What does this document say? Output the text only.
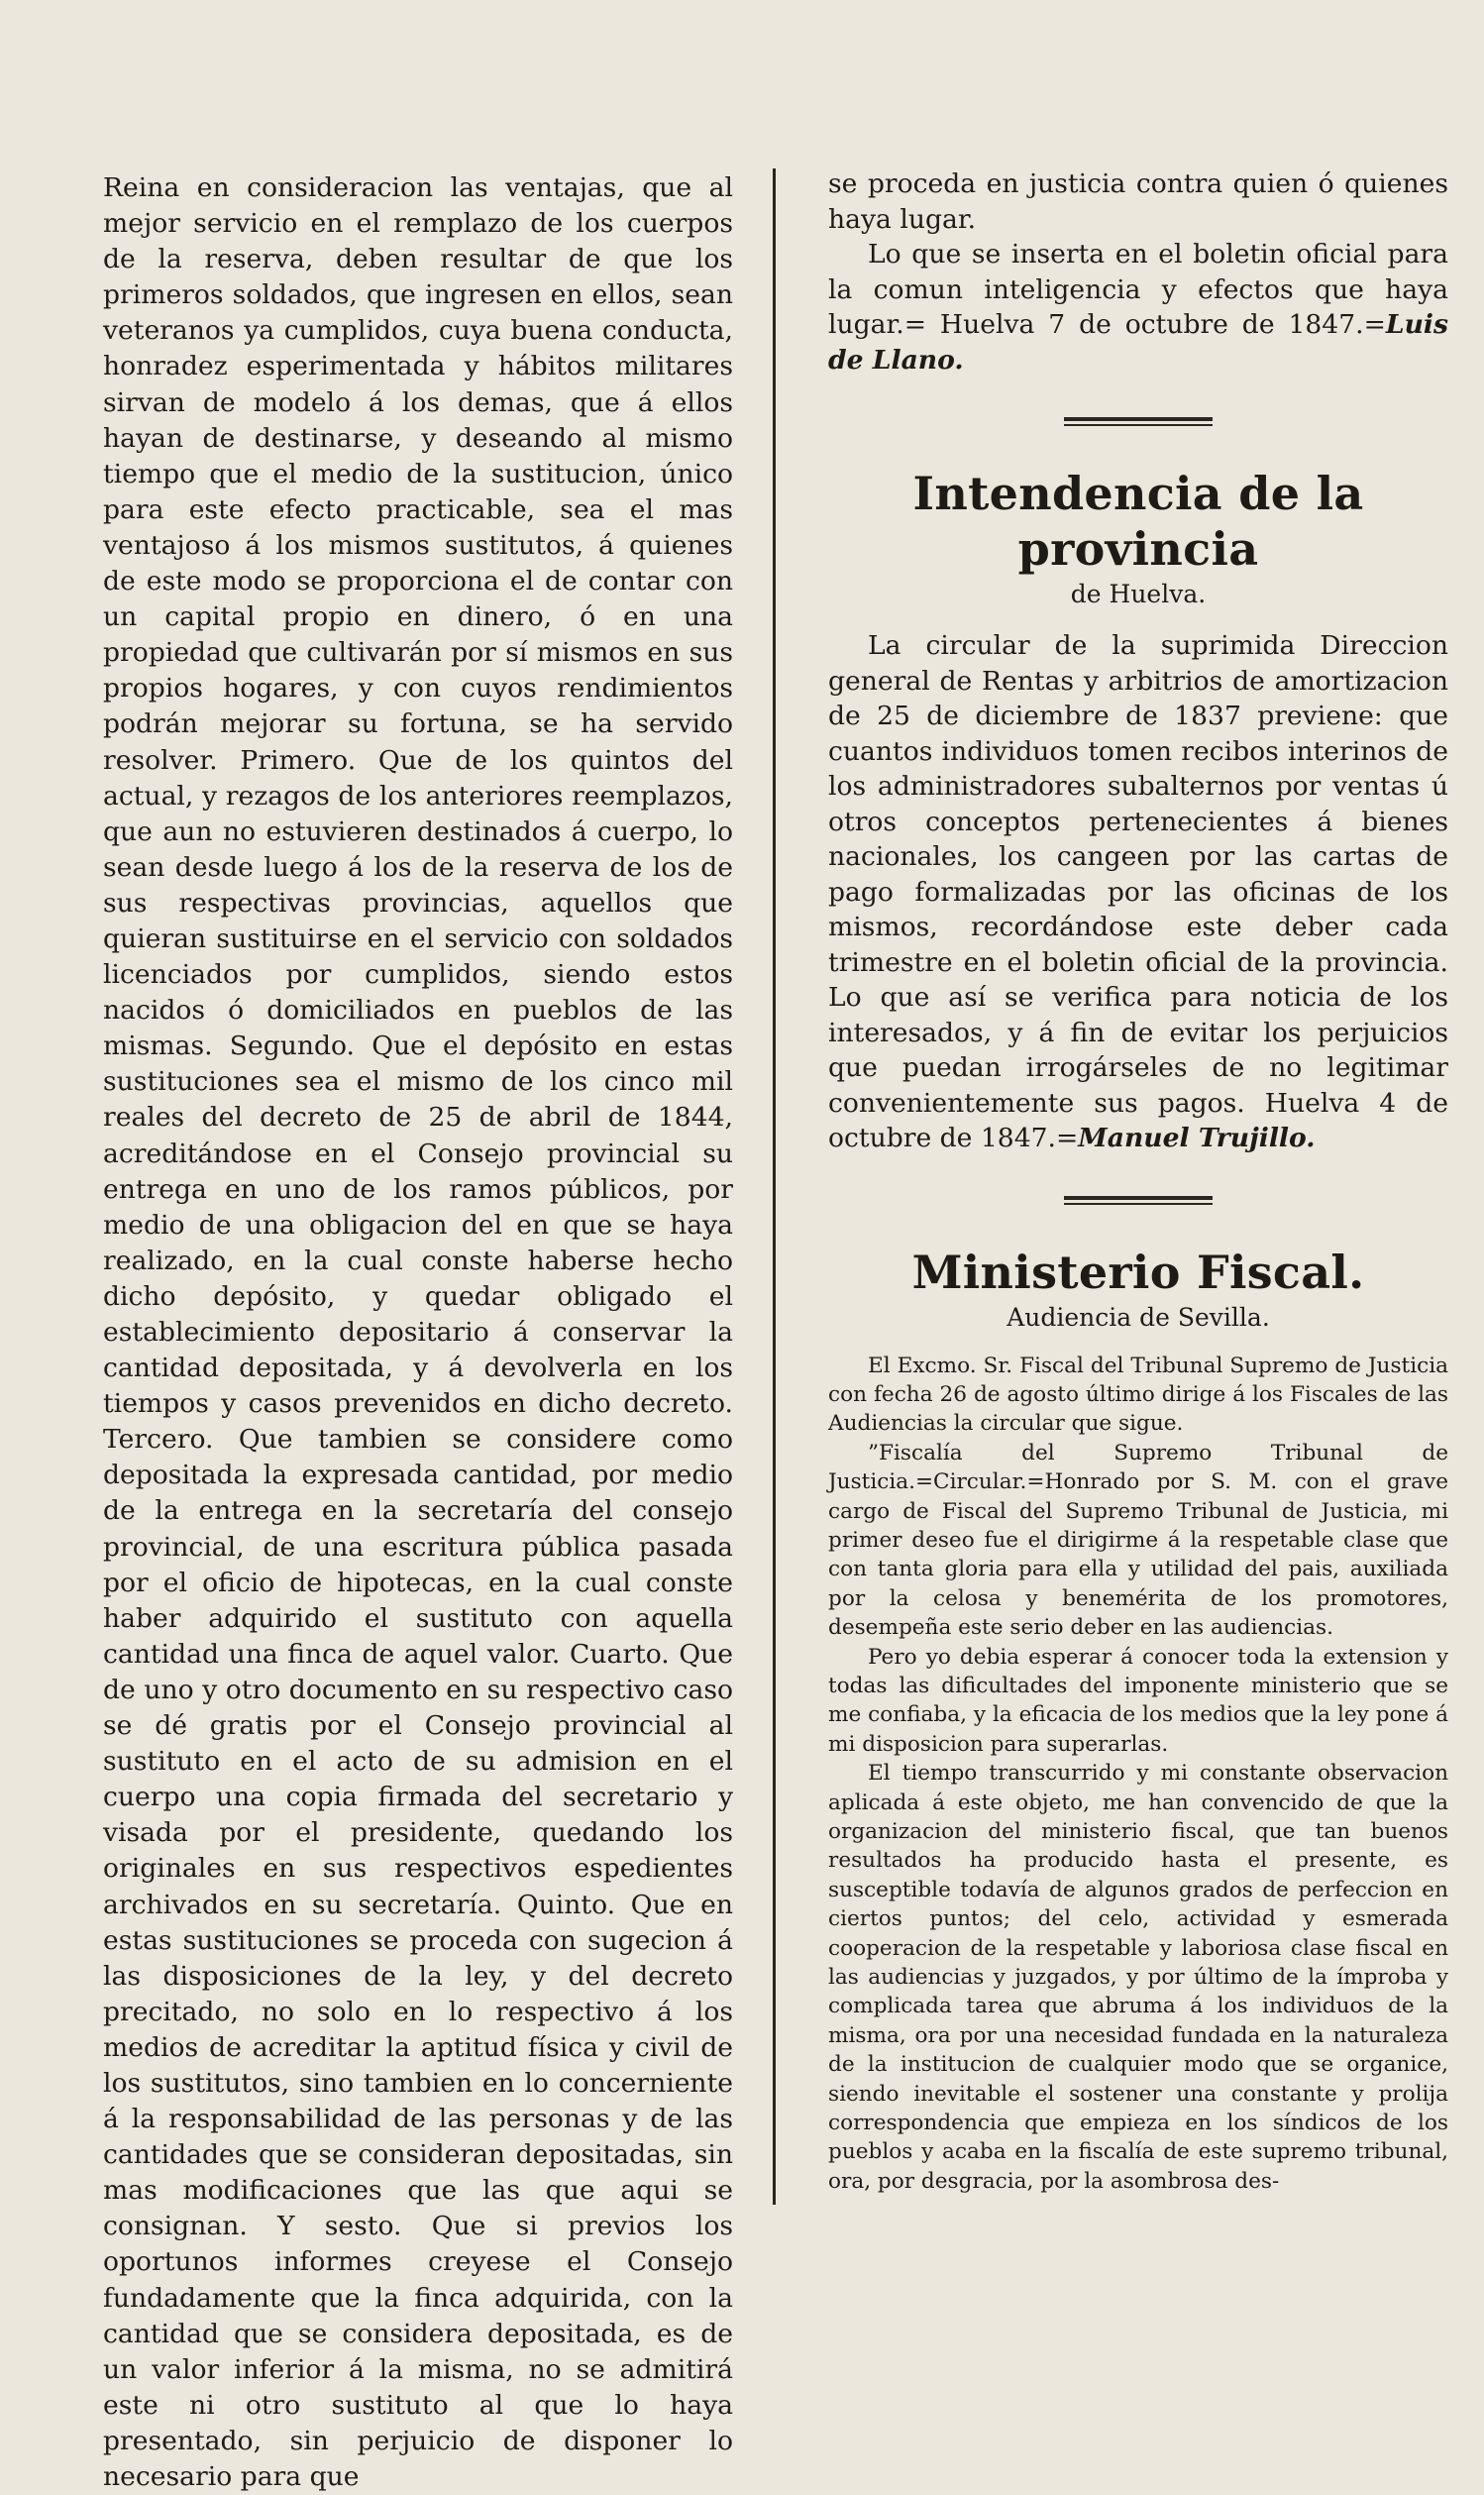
Reina en consideracion las ventajas, que al mejor servicio en el remplazo de los cuerpos de la reserva, deben resultar de que los primeros soldados, que ingresen en ellos, sean veteranos ya cumplidos, cuya buena conducta, honradez esperimentada y hábitos militares sirvan de modelo á los demas, que á ellos hayan de destinarse, y deseando al mismo tiempo que el medio de la sustitucion, único para este efecto practicable, sea el mas ventajoso á los mismos sustitutos, á quienes de este modo se proporciona el de contar con un capital propio en dinero, ó en una propiedad que cultivarán por sí mismos en sus propios hogares, y con cuyos rendimientos podrán mejorar su fortuna, se ha servido resolver. Primero. Que de los quintos del actual, y rezagos de los anteriores reemplazos, que aun no estuvieren destinados á cuerpo, lo sean desde luego á los de la reserva de los de sus respectivas provincias, aquellos que quieran sustituirse en el servicio con soldados licenciados por cumplidos, siendo estos nacidos ó domiciliados en pueblos de las mismas. Segundo. Que el depósito en estas sustituciones sea el mismo de los cinco mil reales del decreto de 25 de abril de 1844, acreditándose en el Consejo provincial su entrega en uno de los ramos públicos, por medio de una obligacion del en que se haya realizado, en la cual conste haberse hecho dicho depósito, y quedar obligado el establecimiento depositario á conservar la cantidad depositada, y á devolverla en los tiempos y casos prevenidos en dicho decreto. Tercero. Que tambien se considere como depositada la expresada cantidad, por medio de la entrega en la secretaría del consejo provincial, de una escritura pública pasada por el oficio de hipotecas, en la cual conste haber adquirido el sustituto con aquella cantidad una finca de aquel valor. Cuarto. Que de uno y otro documento en su respectivo caso se dé gratis por el Consejo provincial al sustituto en el acto de su admision en el cuerpo una copia firmada del secretario y visada por el presidente, quedando los originales en sus respectivos espedientes archivados en su secretaría. Quinto. Que en estas sustituciones se proceda con sugecion á las disposiciones de la ley, y del decreto precitado, no solo en lo respectivo á los medios de acreditar la aptitud física y civil de los sustitutos, sino tambien en lo concerniente á la responsabilidad de las personas y de las cantidades que se consideran depositadas, sin mas modificaciones que las que aqui se consignan. Y sesto. Que si previos los oportunos informes creyese el Consejo fundadamente que la finca adquirida, con la cantidad que se considera depositada, es de un valor inferior á la misma, no se admitirá este ni otro sustituto al que lo haya presentado, sin perjuicio de disponer lo necesario para que

se proceda en justicia contra quien ó quienes haya lugar.

Lo que se inserta en el boletin oficial para la comun inteligencia y efectos que haya lugar.= Huelva 7 de octubre de 1847.=Luis de Llano.

Intendencia de la provincia
de Huelva.

La circular de la suprimida Direccion general de Rentas y arbitrios de amortizacion de 25 de diciembre de 1837 previene: que cuantos individuos tomen recibos interinos de los administradores subalternos por ventas ú otros conceptos pertenecientes á bienes nacionales, los cangeen por las cartas de pago formalizadas por las oficinas de los mismos, recordándose este deber cada trimestre en el boletin oficial de la provincia. Lo que así se verifica para noticia de los interesados, y á fin de evitar los perjuicios que puedan irrogárseles de no legitimar convenientemente sus pagos. Huelva 4 de octubre de 1847.=Manuel Trujillo.

Ministerio Fiscal.
Audiencia de Sevilla.

El Excmo. Sr. Fiscal del Tribunal Supremo de Justicia con fecha 26 de agosto último dirige á los Fiscales de las Audiencias la circular que sigue.

”Fiscalía del Supremo Tribunal de Justicia.=Circular.=Honrado por S. M. con el grave cargo de Fiscal del Supremo Tribunal de Justicia, mi primer deseo fue el dirigirme á la respetable clase que con tanta gloria para ella y utilidad del pais, auxiliada por la celosa y benemérita de los promotores, desempeña este serio deber en las audiencias.

Pero yo debia esperar á conocer toda la extension y todas las dificultades del imponente ministerio que se me confiaba, y la eficacia de los medios que la ley pone á mi disposicion para superarlas.

El tiempo transcurrido y mi constante observacion aplicada á este objeto, me han convencido de que la organizacion del ministerio fiscal, que tan buenos resultados ha producido hasta el presente, es susceptible todavía de algunos grados de perfeccion en ciertos puntos; del celo, actividad y esmerada cooperacion de la respetable y laboriosa clase fiscal en las audiencias y juzgados, y por último de la ímproba y complicada tarea que abruma á los individuos de la misma, ora por una necesidad fundada en la naturaleza de la institucion de cualquier modo que se organice, siendo inevitable el sostener una constante y prolija correspondencia que empieza en los síndicos de los pueblos y acaba en la fiscalía de este supremo tribunal, ora, por desgracia, por la asombrosa des-
